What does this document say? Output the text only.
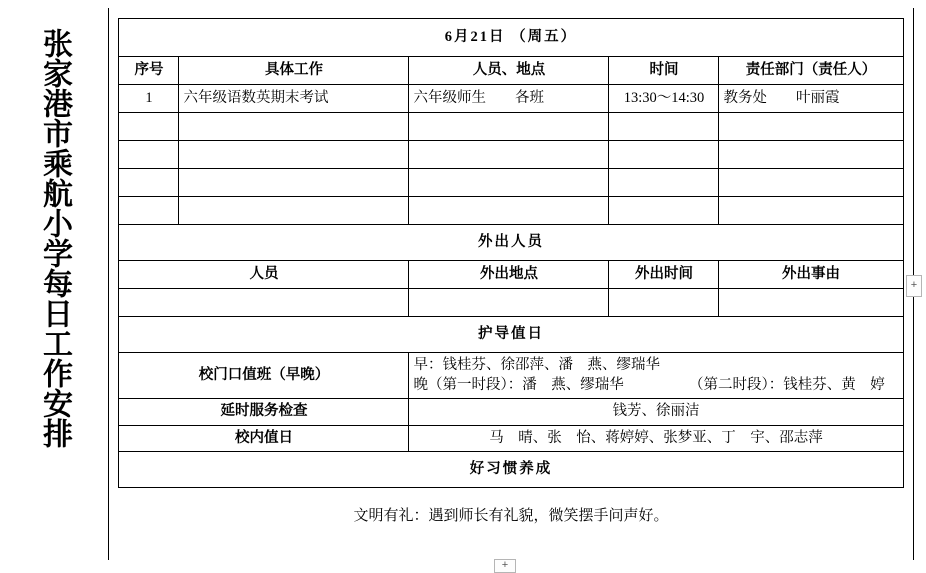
张家港市乘航小学每日工作安排	6月21日 （周五）				
序号	具体工作	人员、地点	时间	责任部门（责任人）
1	六年级语数英期末考试	六年级师生　　各班	13:30～14:30	教务处　　叶丽霞

外出人员				
人员		外出地点	外出时间	外出事由

护导值日				
校门口值班（早晚）		早：钱桂芬、徐邵萍、潘　燕、缪瑞华
晚（第一时段）：潘　燕、缪瑞华　　　　　（第二时段）：钱桂芬、黄　婷		

延时服务检查		钱芳、徐丽洁		
校内值日		马　晴、张　怡、蒋婷婷、张梦亚、丁　宇、邵志萍		
好习惯养成				
文明有礼：遇到师长有礼貌，微笑摆手问声好。
+
+
